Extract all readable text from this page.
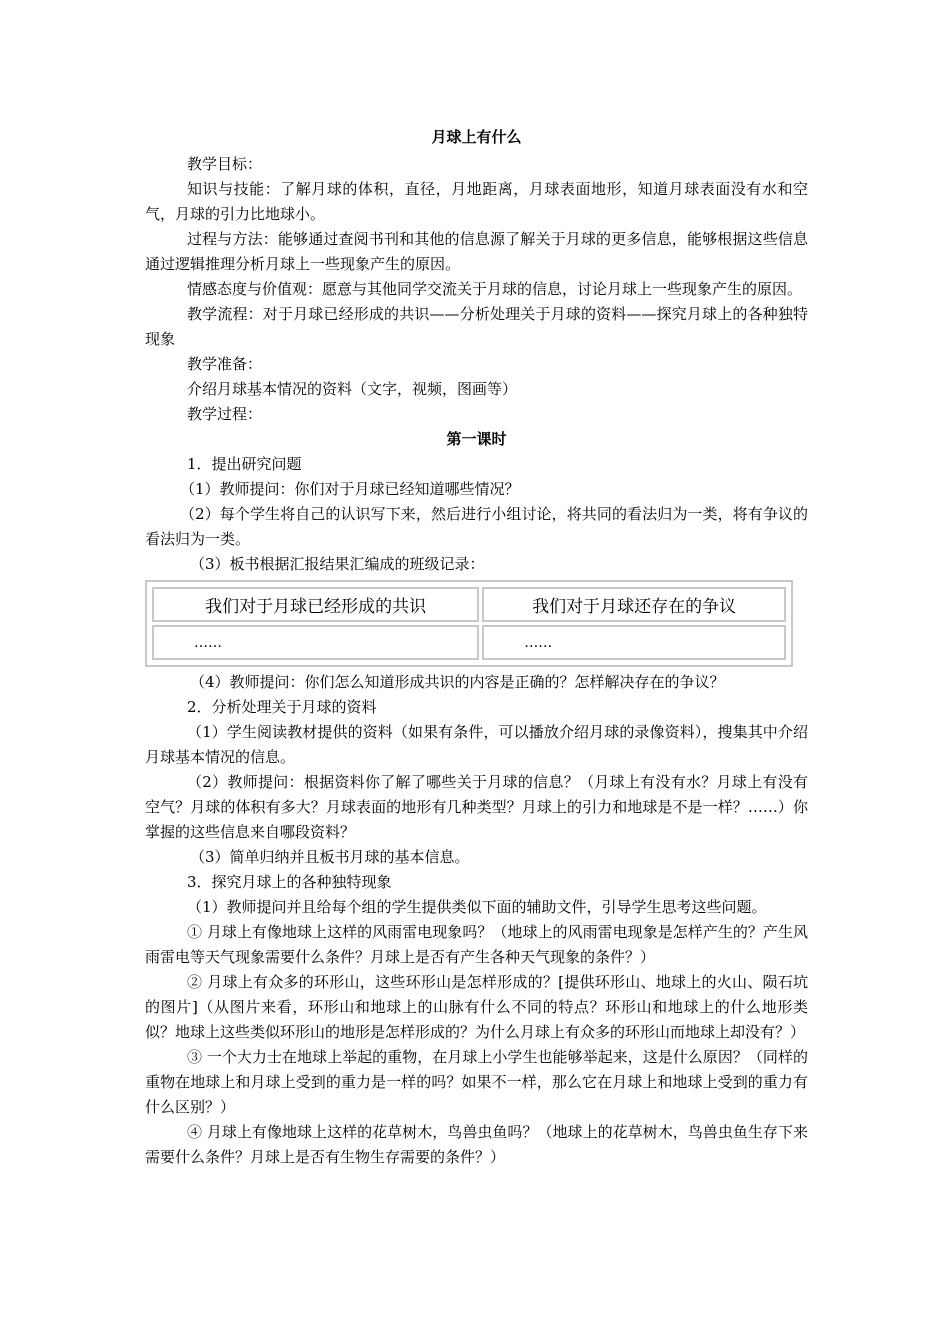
月球上有什么

教学目标：

知识与技能：了解月球的体积，直径，月地距离，月球表面地形，知道月球表面没有水和空气，月球的引力比地球小。

过程与方法：能够通过查阅书刊和其他的信息源了解关于月球的更多信息，能够根据这些信息通过逻辑推理分析月球上一些现象产生的原因。

情感态度与价值观：愿意与其他同学交流关于月球的信息，讨论月球上一些现象产生的原因。

教学流程：对于月球已经形成的共识——分析处理关于月球的资料——探究月球上的各种独特现象

教学准备：

介绍月球基本情况的资料（文字，视频，图画等）

教学过程：

第一课时

1．提出研究问题

（1）教师提问：你们对于月球已经知道哪些情况？

（2）每个学生将自己的认识写下来，然后进行小组讨论，将共同的看法归为一类，将有争议的看法归为一类。

（3）板书根据汇报结果汇编成的班级记录：

我们对于月球已经形成的共识	我们对于月球还存在的争议
……	……

（4）教师提问：你们怎么知道形成共识的内容是正确的？怎样解决存在的争议？

2．分析处理关于月球的资料

（1）学生阅读教材提供的资料（如果有条件，可以播放介绍月球的录像资料），搜集其中介绍月球基本情况的信息。

（2）教师提问：根据资料你了解了哪些关于月球的信息？（月球上有没有水？月球上有没有空气？月球的体积有多大？月球表面的地形有几种类型？月球上的引力和地球是不是一样？……）你掌握的这些信息来自哪段资料？

（3）简单归纳并且板书月球的基本信息。

3．探究月球上的各种独特现象

（1）教师提问并且给每个组的学生提供类似下面的辅助文件，引导学生思考这些问题。

① 月球上有像地球上这样的风雨雷电现象吗？（地球上的风雨雷电现象是怎样产生的？产生风雨雷电等天气现象需要什么条件？月球上是否有产生各种天气现象的条件？）

② 月球上有众多的环形山，这些环形山是怎样形成的？[提供环形山、地球上的火山、陨石坑的图片]（从图片来看，环形山和地球上的山脉有什么不同的特点？环形山和地球上的什么地形类似？地球上这些类似环形山的地形是怎样形成的？为什么月球上有众多的环形山而地球上却没有？）

③ 一个大力士在地球上举起的重物，在月球上小学生也能够举起来，这是什么原因？（同样的重物在地球上和月球上受到的重力是一样的吗？如果不一样，那么它在月球上和地球上受到的重力有什么区别？）

④ 月球上有像地球上这样的花草树木，鸟兽虫鱼吗？（地球上的花草树木，鸟兽虫鱼生存下来需要什么条件？月球上是否有生物生存需要的条件？）
